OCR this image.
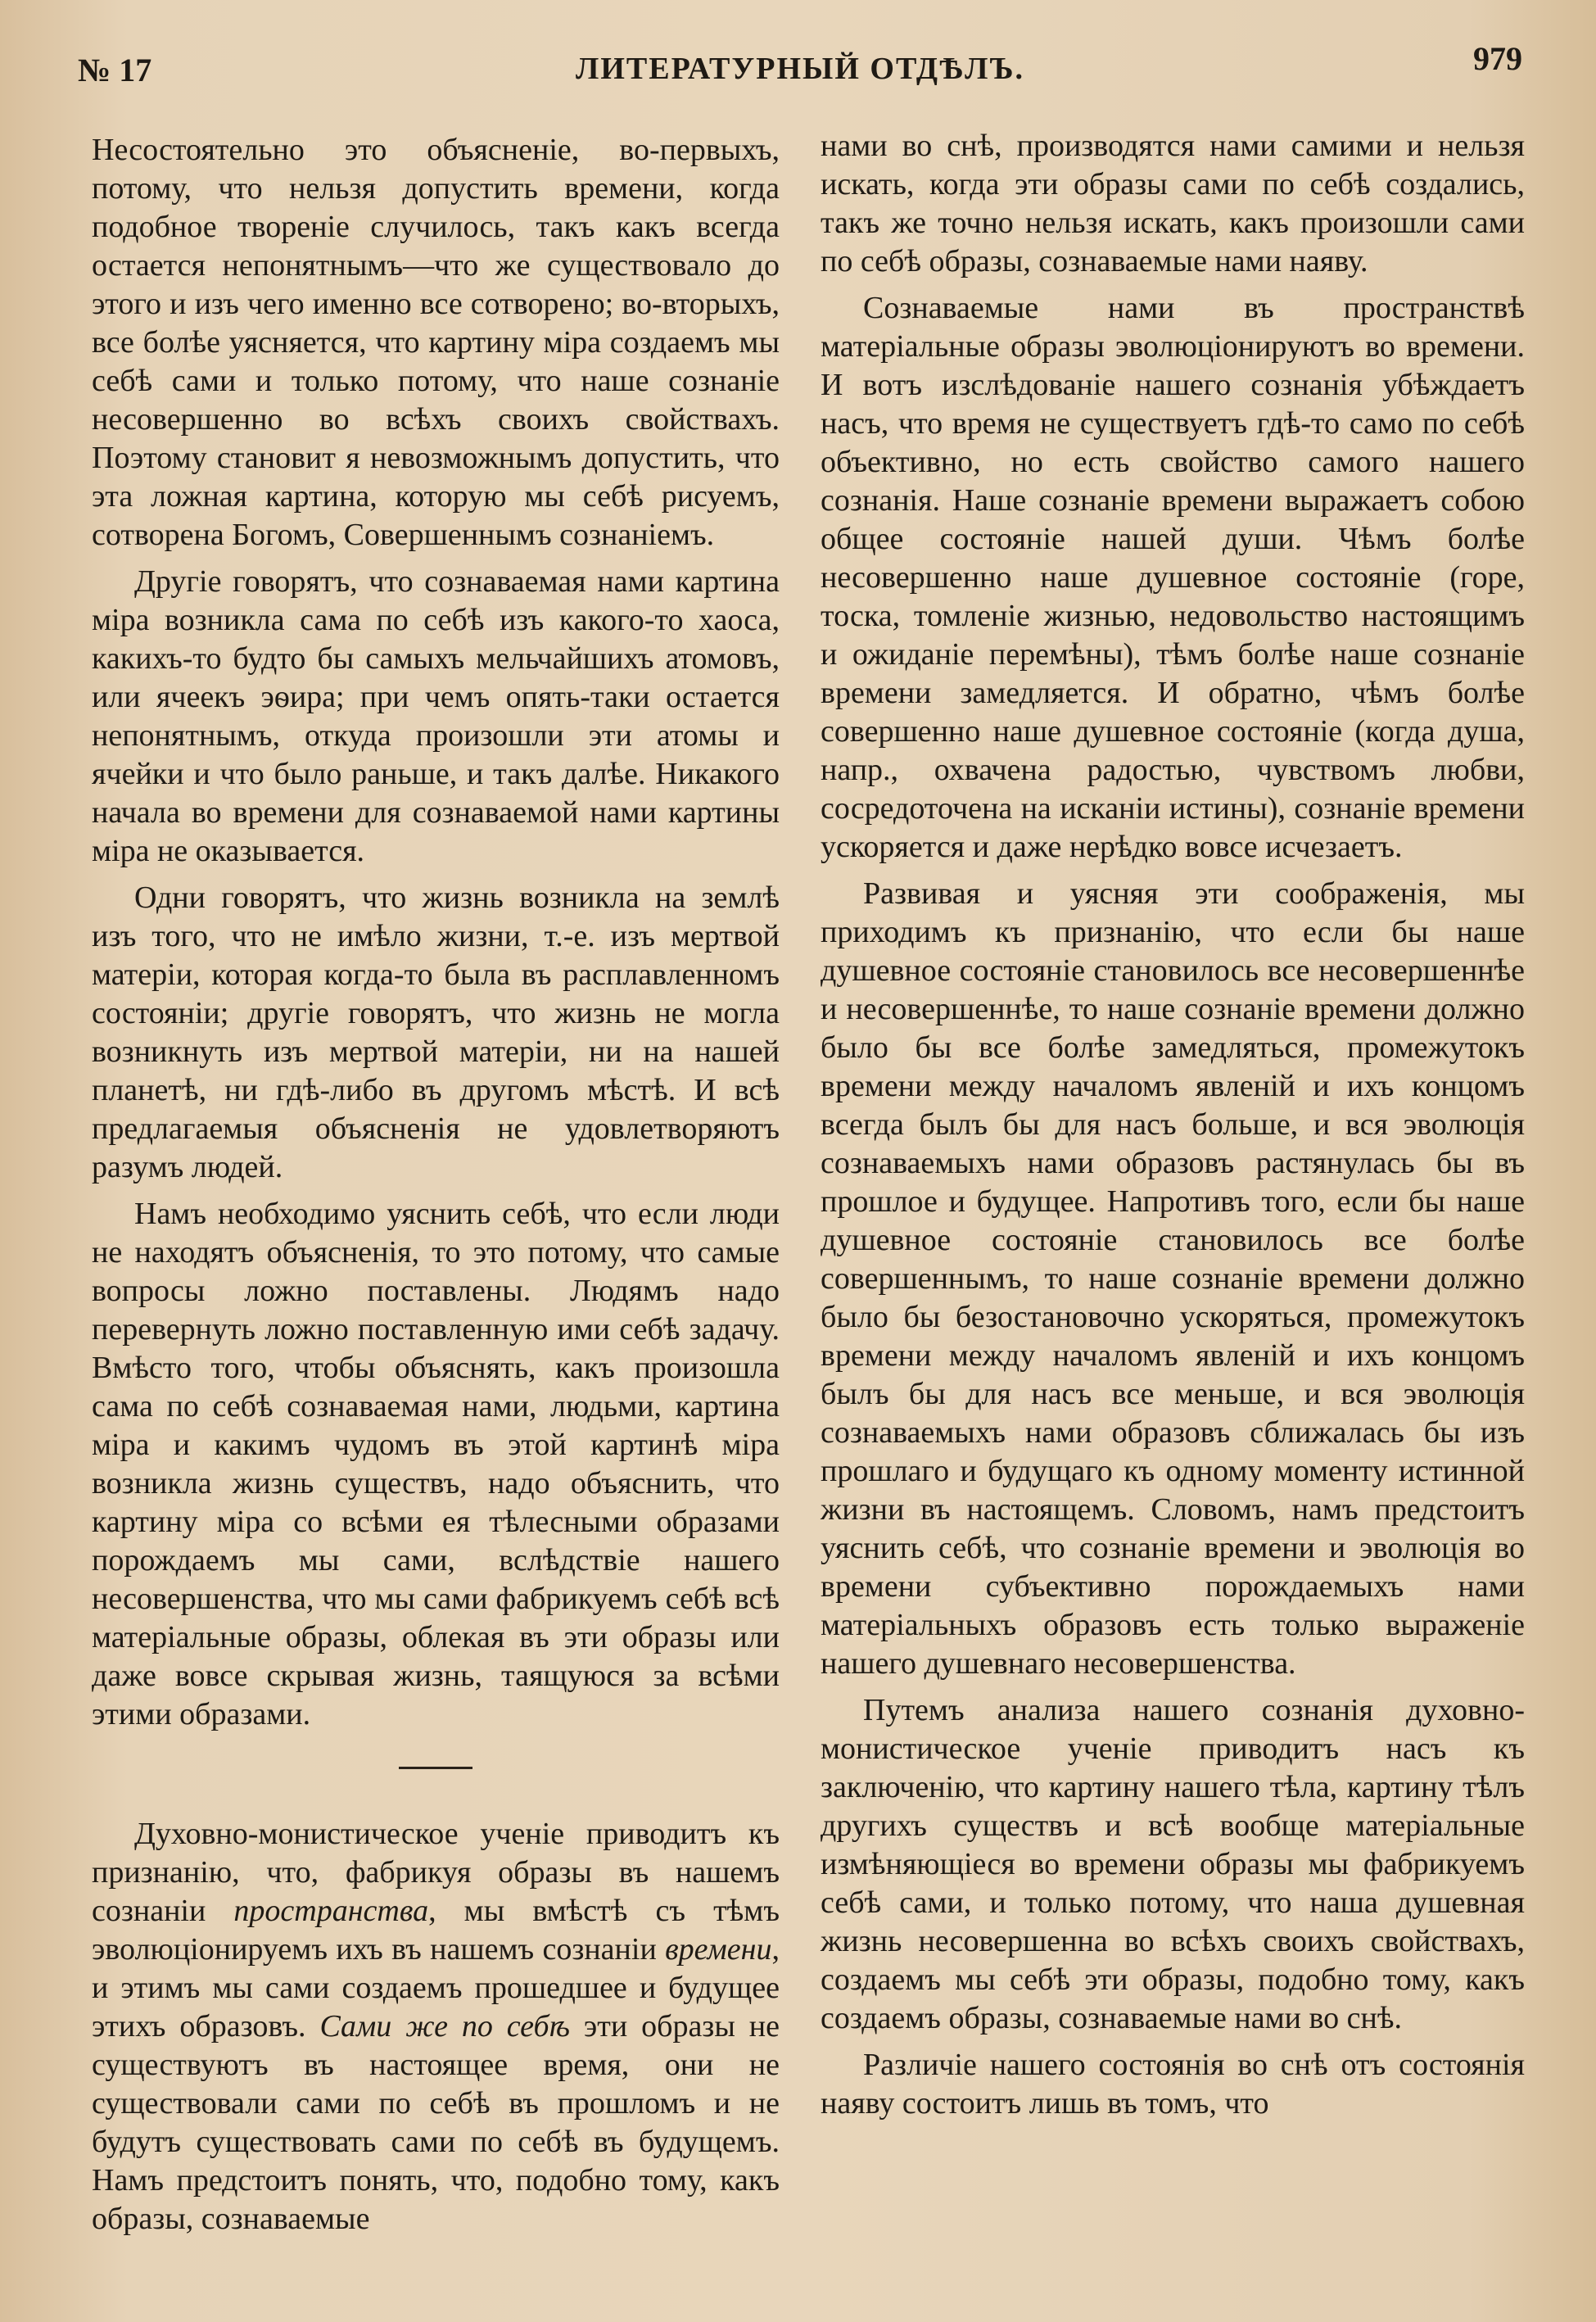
№ 17	ЛИТЕРАТУРНЫЙ ОТДѢЛЪ.	979

Несостоятельно это объясненіе, во-первыхъ, потому, что нельзя допустить времени, когда подобное твореніе случилось, такъ какъ всегда остается непонятнымъ—что же существовало до этого и изъ чего именно все сотворено; во-вторыхъ, все болѣе уясняется, что картину міра создаемъ мы себѣ сами и только потому, что наше сознаніе несовершенно во всѣхъ своихъ свойствахъ. Поэтому становит я невозможнымъ допустить, что эта ложная картина, которую мы себѣ рисуемъ, сотворена Богомъ, Совершеннымъ сознаніемъ.

Другіе говорятъ, что сознаваемая нами картина міра возникла сама по себѣ изъ какого-то хаоса, какихъ-то будто бы самыхъ мельчайшихъ атомовъ, или ячеекъ эѳира; при чемъ опять-таки остается непонятнымъ, откуда произошли эти атомы и ячейки и что было раньше, и такъ далѣе. Никакого начала во времени для сознаваемой нами картины міра не оказывается.

Одни говорятъ, что жизнь возникла на землѣ изъ того, что не имѣло жизни, т.-е. изъ мертвой матеріи, которая когда-то была въ расплавленномъ состояніи; другіе говорятъ, что жизнь не могла возникнуть изъ мертвой матеріи, ни на нашей планетѣ, ни гдѣ-либо въ другомъ мѣстѣ. И всѣ предлагаемыя объясненія не удовлетворяютъ разумъ людей.

Намъ необходимо уяснить себѣ, что если люди не находятъ объясненія, то это потому, что самые вопросы ложно поставлены. Людямъ надо перевернуть ложно поставленную ими себѣ задачу. Вмѣсто того, чтобы объяснять, какъ произошла сама по себѣ сознаваемая нами, людьми, картина міра и какимъ чудомъ въ этой картинѣ міра возникла жизнь существъ, надо объяснить, что картину міра со всѣми ея тѣлесными образами порождаемъ мы сами, вслѣдствіе нашего несовершенства, что мы сами фабрикуемъ себѣ всѣ матеріальные образы, облекая въ эти образы или даже вовсе скрывая жизнь, таящуюся за всѣми этими образами.

Духовно-монистическое ученіе приводитъ къ признанію, что, фабрикуя образы въ нашемъ сознаніи пространства, мы вмѣстѣ съ тѣмъ эволюціонируемъ ихъ въ нашемъ сознаніи времени, и этимъ мы сами создаемъ прошедшее и будущее этихъ образовъ. Сами же по себѣ эти образы не существуютъ въ настоящее время, они не существовали сами по себѣ въ прошломъ и не будутъ существовать сами по себѣ въ будущемъ. Намъ предстоитъ понять, что, подобно тому, какъ образы, сознаваемые

нами во снѣ, производятся нами самими и нельзя искать, когда эти образы сами по себѣ создались, такъ же точно нельзя искать, какъ произошли сами по себѣ образы, сознаваемые нами наяву.

Сознаваемые нами въ пространствѣ матеріальные образы эволюціонируютъ во времени. И вотъ изслѣдованіе нашего сознанія убѣждаетъ насъ, что время не существуетъ гдѣ-то само по себѣ объективно, но есть свойство самого нашего сознанія. Наше сознаніе времени выражаетъ собою общее состояніе нашей души. Чѣмъ болѣе несовершенно наше душевное состояніе (горе, тоска, томленіе жизнью, недовольство настоящимъ и ожиданіе перемѣны), тѣмъ болѣе наше сознаніе времени замедляется. И обратно, чѣмъ болѣе совершенно наше душевное состояніе (когда душа, напр., охвачена радостью, чувствомъ любви, сосредоточена на исканіи истины), сознаніе времени ускоряется и даже нерѣдко вовсе исчезаетъ.

Развивая и уясняя эти соображенія, мы приходимъ къ признанію, что если бы наше душевное состояніе становилось все несовершеннѣе и несовершеннѣе, то наше сознаніе времени должно было бы все болѣе замедляться, промежутокъ времени между началомъ явленій и ихъ концомъ всегда былъ бы для насъ больше, и вся эволюція сознаваемыхъ нами образовъ растянулась бы въ прошлое и будущее. Напротивъ того, если бы наше душевное состояніе становилось все болѣе совершеннымъ, то наше сознаніе времени должно было бы безостановочно ускоряться, промежутокъ времени между началомъ явленій и ихъ концомъ былъ бы для насъ все меньше, и вся эволюція сознаваемыхъ нами образовъ сближалась бы изъ прошлаго и будущаго къ одному моменту истинной жизни въ настоящемъ. Словомъ, намъ предстоитъ уяснить себѣ, что сознаніе времени и эволюція во времени субъективно порождаемыхъ нами матеріальныхъ образовъ есть только выраженіе нашего душевнаго несовершенства.

Путемъ анализа нашего сознанія духовно-монистическое ученіе приводитъ насъ къ заключенію, что картину нашего тѣла, картину тѣлъ другихъ существъ и всѣ вообще матеріальные измѣняющіеся во времени образы мы фабрикуемъ себѣ сами, и только потому, что наша душевная жизнь несовершенна во всѣхъ своихъ свойствахъ, создаемъ мы себѣ эти образы, подобно тому, какъ создаемъ образы, сознаваемые нами во снѣ.

Различіе нашего состоянія во снѣ отъ состоянія наяву состоитъ лишь въ томъ, что
